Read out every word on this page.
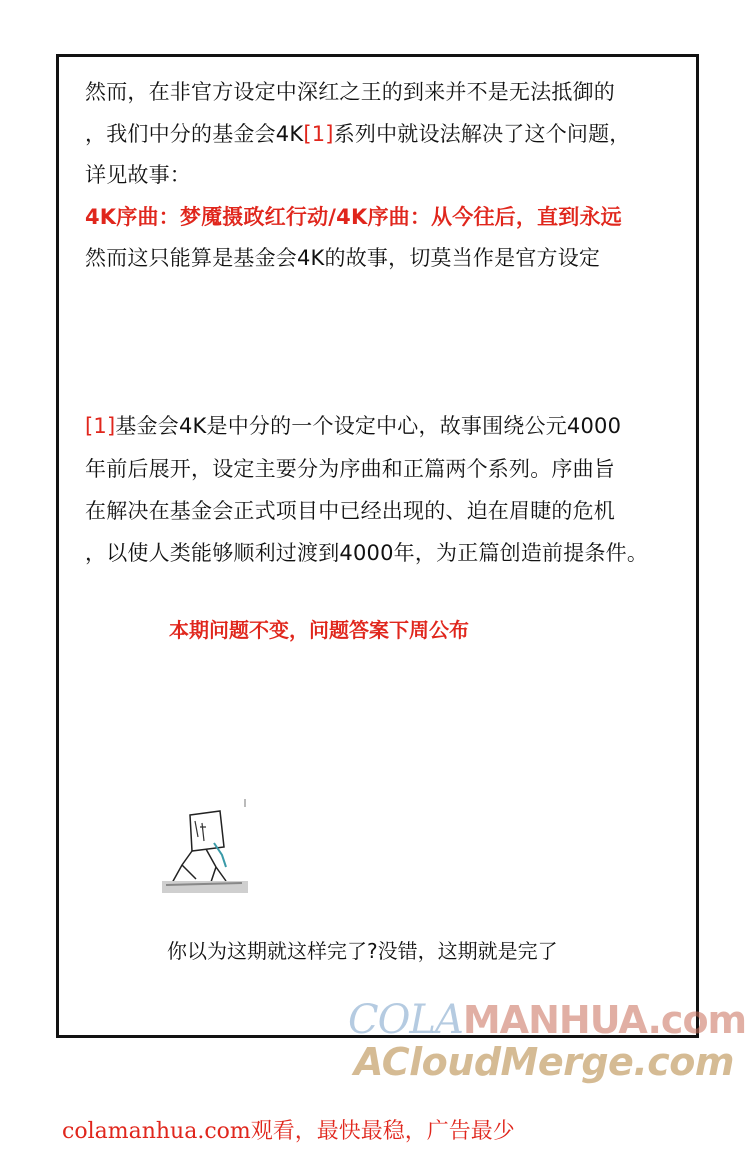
然而，在非官方设定中深红之王的到来并不是无法抵御的
，我们中分的基金会4K[1]系列中就设法解决了这个问题，
详见故事：
4K序曲：梦魇摄政红行动/4K序曲：从今往后，直到永远
然而这只能算是基金会4K的故事，切莫当作是官方设定
[1]基金会4K是中分的一个设定中心，故事围绕公元4000
年前后展开，设定主要分为序曲和正篇两个系列。序曲旨
在解决在基金会正式项目中已经出现的、迫在眉睫的危机
，以使人类能够顺利过渡到4000年，为正篇创造前提条件。
本期问题不变，问题答案下周公布
你以为这期就这样完了?没错，这期就是完了
COLAMANHUA.com
ACloudMerge.com
colamanhua.com观看，最快最稳，广告最少
